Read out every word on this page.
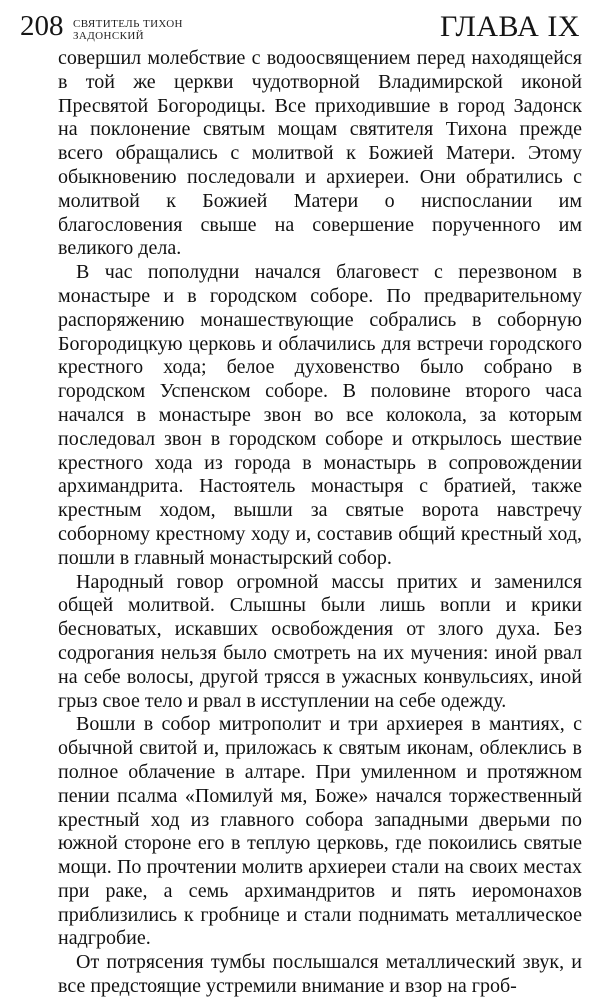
208 СВЯТИТЕЛЬ ТИХОН
ЗАДОНСКИЙ	ГЛАВА IX

совершил молебствие с водоосвящением перед находящейся в той же церкви чудотворной Владимирской иконой Пресвятой Богородицы. Все приходившие в город Задонск на поклонение святым мощам святителя Тихона прежде всего обращались с молитвой к Божией Матери. Этому обыкновению последовали и архиереи. Они обратились с молитвой к Божией Матери о ниспослании им благословения свыше на совершение порученного им великого дела.

В час пополудни начался благовест с перезвоном в монастыре и в городском соборе. По предварительному распоряжению монашествующие собрались в соборную Богородицкую церковь и облачились для встречи городского крестного хода; белое духовенство было собрано в городском Успенском соборе. В половине второго часа начался в монастыре звон во все колокола, за которым последовал звон в городском соборе и открылось шествие крестного хода из города в монастырь в сопровождении архимандрита. Настоятель монастыря с братией, также крестным ходом, вышли за святые ворота навстречу соборному крестному ходу и, составив общий крестный ход, пошли в главный монастырский собор.

Народный говор огромной массы притих и заменился общей молитвой. Слышны были лишь вопли и крики бесноватых, искавших освобождения от злого духа. Без содрогания нельзя было смотреть на их мучения: иной рвал на себе волосы, другой трясся в ужасных конвульсиях, иной грыз свое тело и рвал в исступлении на себе одежду.

Вошли в собор митрополит и три архиерея в мантиях, с обычной свитой и, приложась к святым иконам, облеклись в полное облачение в алтаре. При умиленном и протяжном пении псалма «Помилуй мя, Боже» начался торжественный крестный ход из главного собора западными дверьми по южной стороне его в теплую церковь, где покоились святые мощи. По прочтении молитв архиереи стали на своих местах при раке, а семь архимандритов и пять иеромонахов приблизились к гробнице и стали поднимать металлическое надгробие.

От потрясения тумбы послышался металлический звук, и все предстоящие устремили внимание и взор на гроб-
